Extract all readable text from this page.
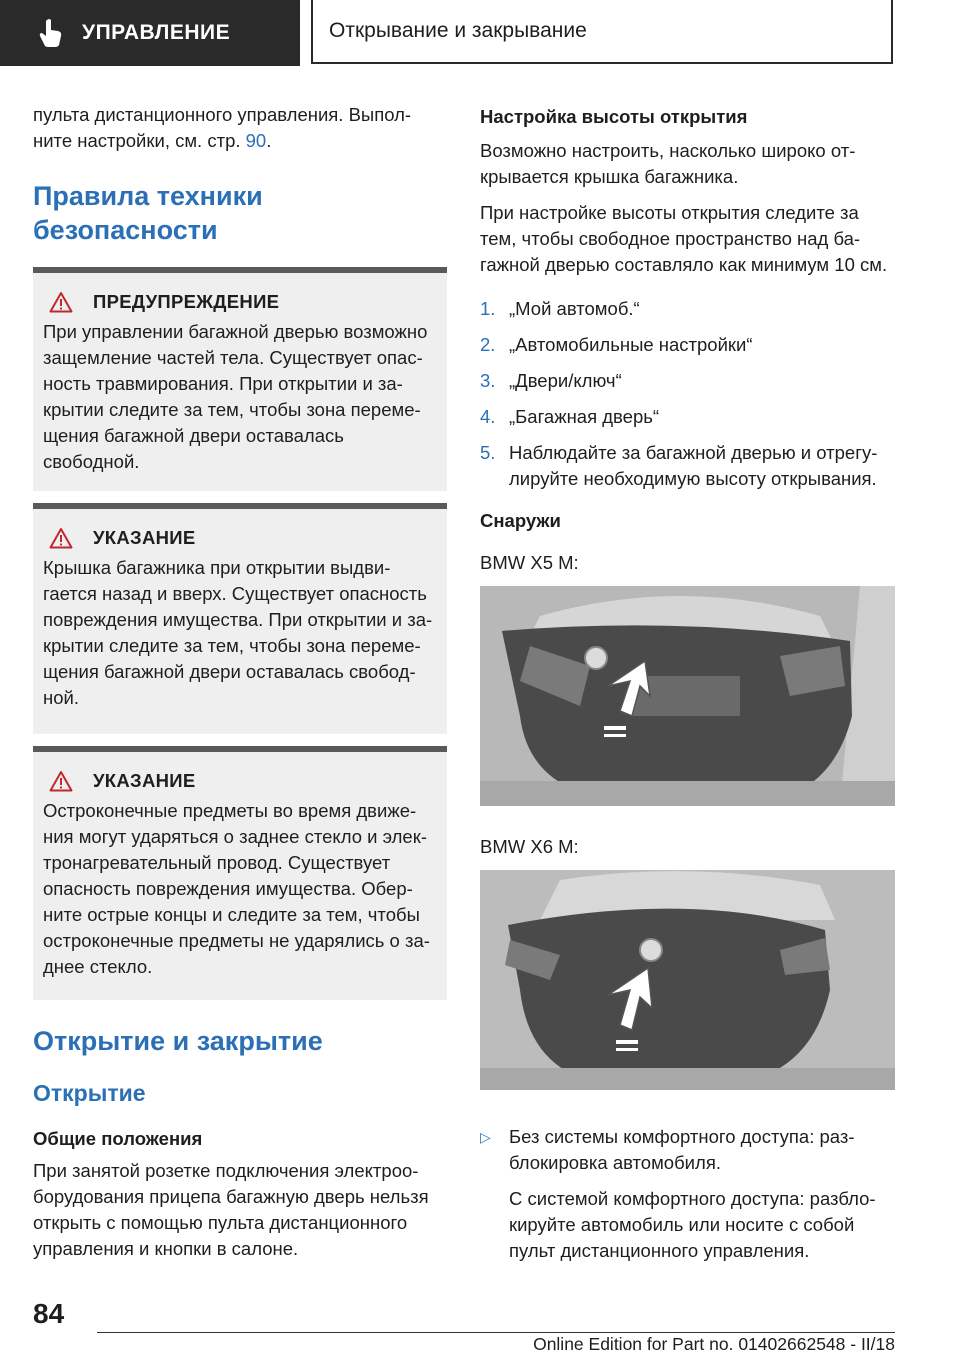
УПРАВЛЕНИЕ	Открывание и закрывание

пульта дистанционного управления. Выпол-ните настройки, см. стр. 90.

Правила техники безопасности
ПРЕДУПРЕЖДЕНИЕ

При управлении багажной дверью возможно защемление частей тела. Существует опас-ность травмирования. При открытии и за-крытии следите за тем, чтобы зона переме-щения багажной двери оставалась свободной.

УКАЗАНИЕ

Крышка багажника при открытии выдви-гается назад и вверх. Существует опасность повреждения имущества. При открытии и за-крытии следите за тем, чтобы зона переме-щения багажной двери оставалась свобод-ной.

УКАЗАНИЕ

Остроконечные предметы во время движе-ния могут ударяться о заднее стекло и элек-тронагревательный провод. Существует опасность повреждения имущества. Обер-ните острые концы и следите за тем, чтобы остроконечные предметы не ударялись о за-днее стекло.

Открытие и закрытие
Открытие
Общие положения

При занятой розетке подключения электроо-борудования прицепа багажную дверь нельзя открыть с помощью пульта дистанционного управления и кнопки в салоне.

Настройка высоты открытия

Возможно настроить, насколько широко от-крывается крышка багажника.

При настройке высоты открытия следите за тем, чтобы свободное пространство над ба-гажной дверью составляло как минимум 10 см.

1. „Мой автомоб.“
2. „Автомобильные настройки“
3. „Двери/ключ“
4. „Багажная дверь“
5. Наблюдайте за багажной дверью и отрегу-лируйте необходимую высоту открывания.
Снаружи

BMW X5 M:

BMW X6 M:

▷ Без системы комфортного доступа: раз-блокировка автомобиля.

С системой комфортного доступа: разбло-кируйте автомобиль или носите с собой пульт дистанционного управления.

84
Online Edition for Part no. 01402662548 - II/18
